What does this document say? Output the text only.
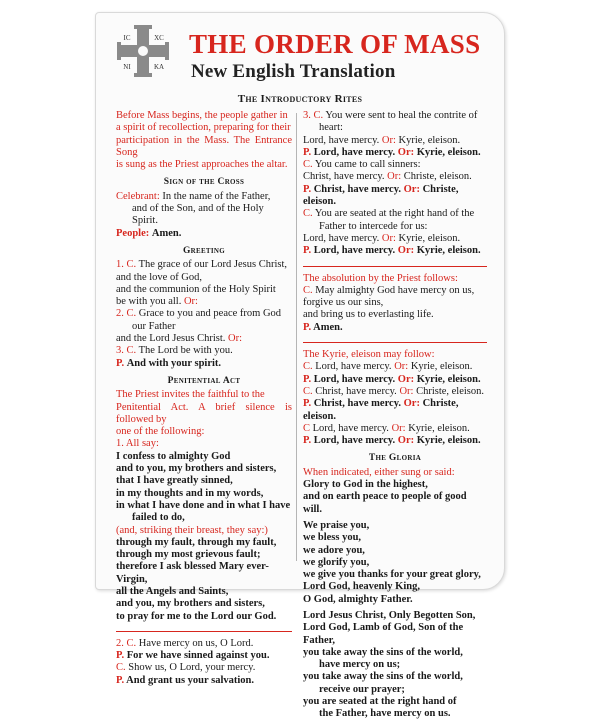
IC	XC
NI	KA
THE ORDER OF MASS
New English Translation
The Introductory Rites
Before Mass begins, the people gather in
a spirit of recollection, preparing for their
participation in the Mass. The Entrance Song
is sung as the Priest approaches the altar.
Sign of the Cross
Celebrant: In the name of the Father,
and of the Son, and of the Holy Spirit.
People: Amen.
Greeting
1. C. The grace of our Lord Jesus Christ,
and the love of God,
and the communion of the Holy Spirit
be with you all. Or:
2. C. Grace to you and peace from God
our Father
and the Lord Jesus Christ. Or:
3. C. The Lord be with you.
P. And with your spirit.
Penitential Act
The Priest invites the faithful to the
Penitential Act. A brief silence is followed by
one of the following:
1. All say:
I confess to almighty God
and to you, my brothers and sisters,
that I have greatly sinned,
in my thoughts and in my words,
in what I have done and in what I have
failed to do,
(and, striking their breast, they say:)
through my fault, through my fault,
through my most grievous fault;
therefore I ask blessed Mary ever-Virgin,
all the Angels and Saints,
and you, my brothers and sisters,
to pray for me to the Lord our God.
2. C. Have mercy on us, O Lord.
P. For we have sinned against you.
C. Show us, O Lord, your mercy.
P. And grant us your salvation.
3. C. You were sent to heal the contrite of
heart:
Lord, have mercy. Or: Kyrie, eleison.
P. Lord, have mercy. Or: Kyrie, eleison.
C. You came to call sinners:
Christ, have mercy. Or: Christe, eleison.
P. Christ, have mercy. Or: Christe, eleison.
C. You are seated at the right hand of the
Father to intercede for us:
Lord, have mercy. Or: Kyrie, eleison.
P. Lord, have mercy. Or: Kyrie, eleison.
The absolution by the Priest follows:
C. May almighty God have mercy on us,
forgive us our sins,
and bring us to everlasting life.
P. Amen.
The Kyrie, eleison may follow:
C. Lord, have mercy. Or: Kyrie, eleison.
P. Lord, have mercy. Or: Kyrie, eleison.
C. Christ, have mercy. Or: Christe, eleison.
P. Christ, have mercy. Or: Christe, eleison.
C Lord, have mercy. Or: Kyrie, eleison.
P. Lord, have mercy. Or: Kyrie, eleison.
The Gloria
When indicated, either sung or said:
Glory to God in the highest,
and on earth peace to people of good will.
We praise you,
we bless you,
we adore you,
we glorify you,
we give you thanks for your great glory,
Lord God, heavenly King,
O God, almighty Father.
Lord Jesus Christ, Only Begotten Son,
Lord God, Lamb of God, Son of the Father,
you take away the sins of the world,
have mercy on us;
you take away the sins of the world,
receive our prayer;
you are seated at the right hand of
the Father, have mercy on us.
